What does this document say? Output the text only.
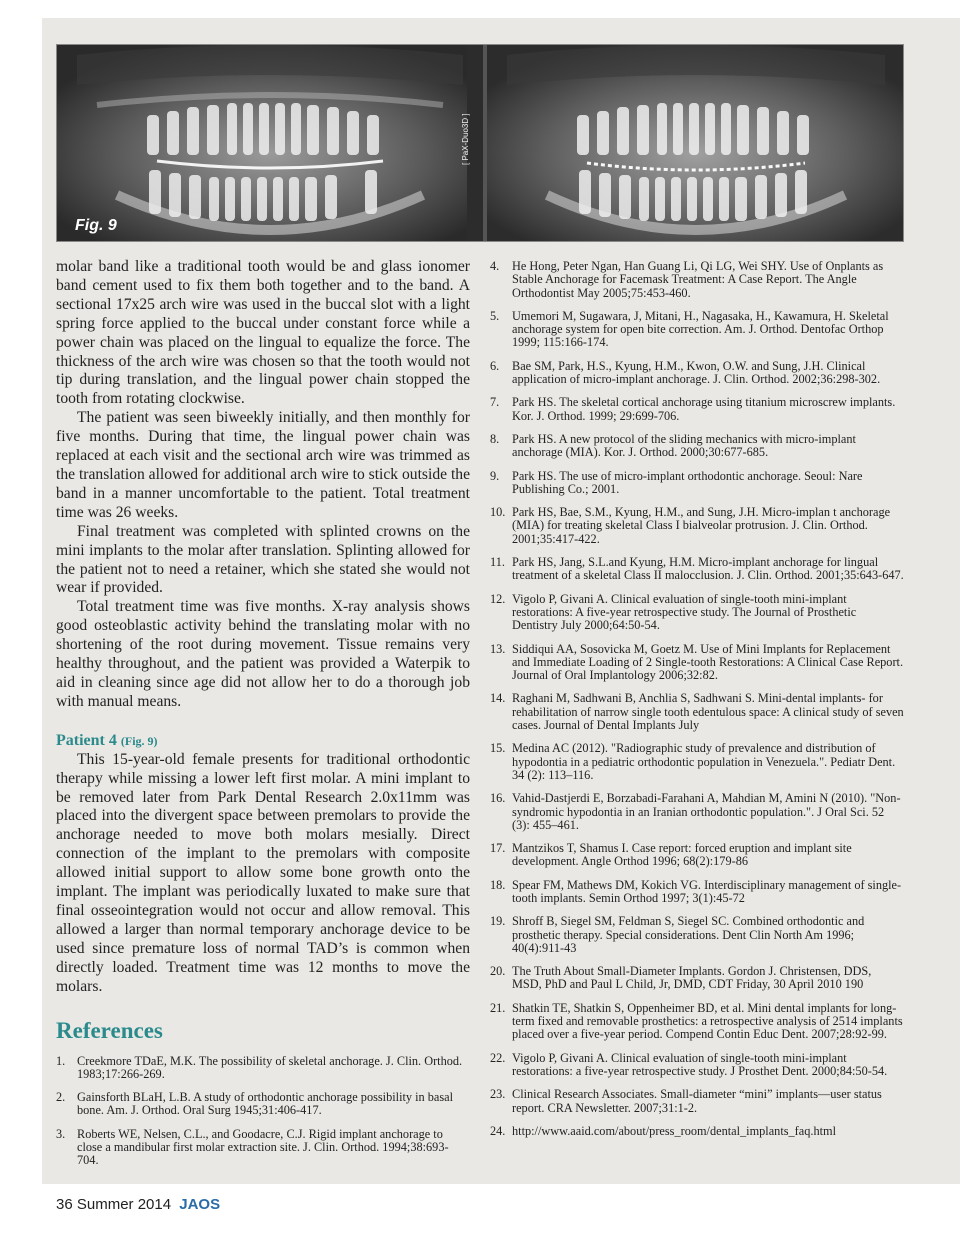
Fig. 9
[ PaX-Duo3D ]

molar band like a traditional tooth would be and glass ionomer band cement used to fix them both together and to the band. A sectional 17x25 arch wire was used in the buccal slot with a light spring force applied to the buccal under constant force while a power chain was placed on the lingual to equalize the force. The thickness of the arch wire was chosen so that the tooth would not tip during translation, and the lingual power chain stopped the tooth from rotating clockwise.

The patient was seen biweekly initially, and then monthly for five months. During that time, the lingual power chain was replaced at each visit and the sectional arch wire was trimmed as the translation allowed for additional arch wire to stick outside the band in a manner uncomfortable to the patient. Total treatment time was 26 weeks.

Final treatment was completed with splinted crowns on the mini implants to the molar after translation. Splinting allowed for the patient not to need a retainer, which she stated she would not wear if provided.

Total treatment time was five months. X-ray analysis shows good osteoblastic activity behind the translating molar with no shortening of the root during movement. Tissue remains very healthy throughout, and the patient was provided a Waterpik to aid in cleaning since age did not allow her to do a thorough job with manual means.

Patient 4 (Fig. 9)

This 15-year-old female presents for traditional orthodontic therapy while missing a lower left first molar. A mini implant to be removed later from Park Dental Research 2.0x11mm was placed into the divergent space between premolars to provide the anchorage needed to move both molars mesially. Direct connection of the implant to the premolars with composite allowed initial support to allow some bone growth onto the implant. The implant was periodically luxated to make sure that final osseointegration would not occur and allow removal. This allowed a larger than normal temporary anchorage device to be used since premature loss of normal TAD’s is common when directly loaded. Treatment time was 12 months to move the molars.

References
1. Creekmore TDaE, M.K. The possibility of skeletal anchorage. J. Clin. Orthod. 1983;17:266-269.
2. Gainsforth BLaH, L.B. A study of orthodontic anchorage possibility in basal bone. Am. J. Orthod. Oral Surg 1945;31:406-417.
3. Roberts WE, Nelsen, C.L., and Goodacre, C.J. Rigid implant anchorage to close a mandibular first molar extraction site. J. Clin. Orthod. 1994;38:693-704.
4.	He Hong, Peter Ngan, Han Guang Li, Qi LG, Wei SHY. Use of Onplants as Stable Anchorage for Facemask Treatment: A Case Report. The Angle Orthodontist May 2005;75:453-460.
5.	Umemori M, Sugawara, J, Mitani, H., Nagasaka, H., Kawamura, H. Skeletal anchorage system for open bite correction. Am. J. Orthod. Dentofac Orthop 1999; 115:166-174.
6.	Bae SM, Park, H.S., Kyung, H.M., Kwon, O.W. and Sung, J.H. Clinical application of micro-implant anchorage. J. Clin. Orthod. 2002;36:298-302.
7.	Park HS. The skeletal cortical anchorage using titanium microscrew implants. Kor. J. Orthod. 1999; 29:699-706.
8.	Park HS. A new protocol of the sliding mechanics with micro-implant anchorage (MIA). Kor. J. Orthod. 2000;30:677-685.
9.	Park HS. The use of micro-implant orthodontic anchorage. Seoul: Nare Publishing Co.; 2001.
10. Park HS, Bae, S.M., Kyung, H.M., and Sung, J.H. Micro-implan t anchorage (MIA) for treating skeletal Class I bialveolar protrusion. J. Clin. Orthod. 2001;35:417-422.
11. Park HS, Jang, S.L.and Kyung, H.M. Micro-implant anchorage for lingual treatment of a skeletal Class II malocclusion. J. Clin. Orthod. 2001;35:643-647.
12. Vigolo P, Givani A. Clinical evaluation of single-tooth mini-implant restorations: A five-year retrospective study. The Journal of Prosthetic Dentistry July 2000;64:50-54.
13. Siddiqui AA, Sosovicka M, Goetz M. Use of Mini Implants for Replacement and Immediate Loading of 2 Single-tooth Restorations: A Clinical Case Report. Journal of Oral Implantology 2006;32:82.
14. Raghani M, Sadhwani B, Anchlia S, Sadhwani S. Mini-dental implants- for rehabilitation of narrow single tooth edentulous space: A clinical study of seven cases. Journal of Dental Implants July
15. Medina AC (2012). "Radiographic study of prevalence and distribution of hypodontia in a pediatric orthodontic population in Venezuela.". Pediatr Dent. 34 (2): 113–116.
16. Vahid-Dastjerdi E, Borzabadi-Farahani A, Mahdian M, Amini N (2010). "Non-syndromic hypodontia in an Iranian orthodontic population.". J Oral Sci. 52 (3): 455–461.
17. Mantzikos T, Shamus I. Case report: forced eruption and implant site development. Angle Orthod 1996; 68(2):179-86
18. Spear FM, Mathews DM, Kokich VG. Interdisciplinary management of single-tooth implants. Semin Orthod 1997; 3(1):45-72
19. Shroff B, Siegel SM, Feldman S, Siegel SC. Combined orthodontic and prosthetic therapy. Special considerations. Dent Clin North Am 1996; 40(4):911-43
20. The Truth About Small-Diameter Implants. Gordon J. Christensen, DDS, MSD, PhD and Paul L Child, Jr, DMD, CDT Friday, 30 April 2010 190
21. Shatkin TE, Shatkin S, Oppenheimer BD, et al. Mini dental implants for long-term fixed and removable prosthetics: a retrospective analysis of 2514 implants placed over a five-year period. Compend Contin Educ Dent. 2007;28:92-99.
22. Vigolo P, Givani A. Clinical evaluation of single-tooth mini-implant restorations: a five-year retrospective study. J Prosthet Dent. 2000;84:50-54.
23. Clinical Research Associates. Small-diameter “mini” implants—user status report. CRA Newsletter. 2007;31:1-2.
24. http://www.aaid.com/about/press_room/dental_implants_faq.html
36 Summer 2014 JAOS
